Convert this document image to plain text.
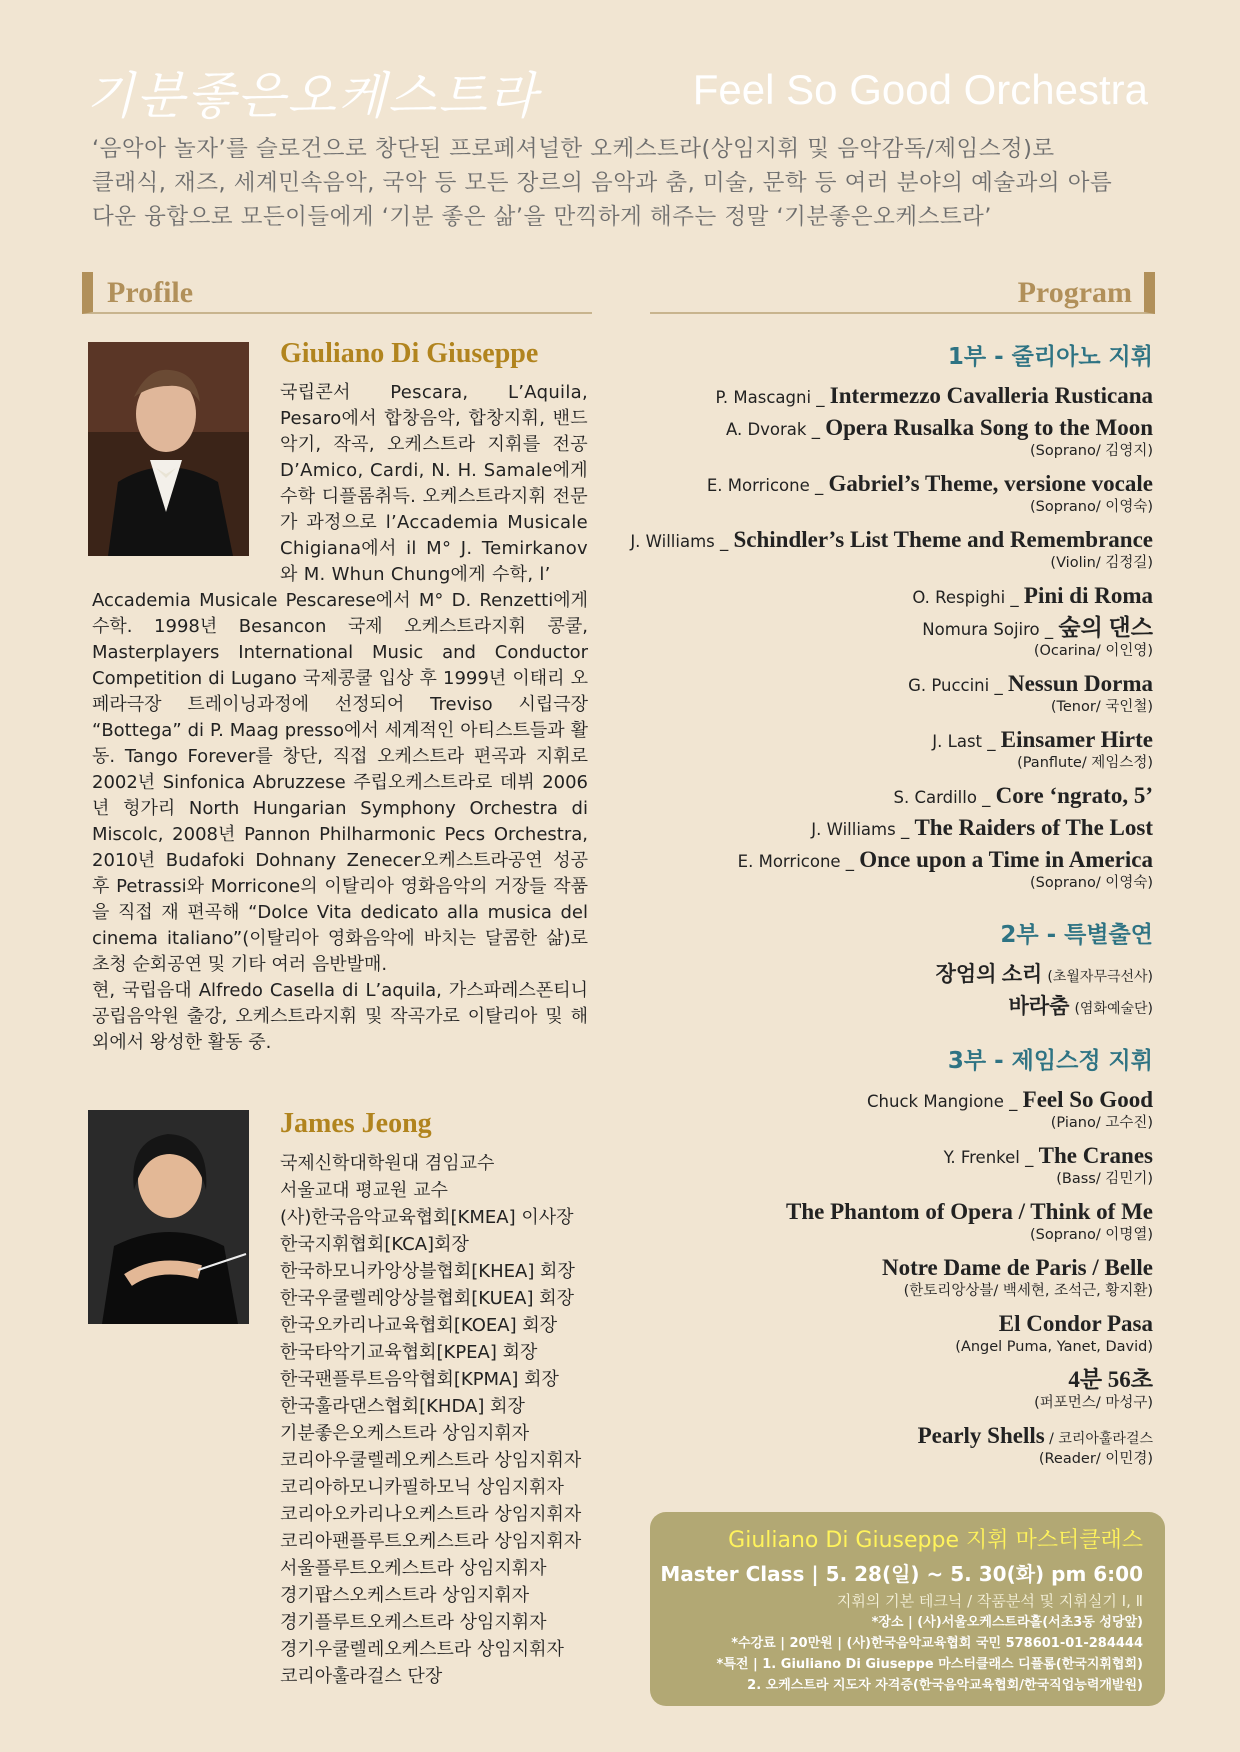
기분좋은오케스트라	Feel So Good Orchestra
‘음악아 놀자’를 슬로건으로 창단된 프로페셔널한 오케스트라(상임지휘 및 음악감독/제임스정)로
클래식, 재즈, 세계민속음악, 국악 등 모든 장르의 음악과 춤, 미술, 문학 등 여러 분야의 예술과의 아름
다운 융합으로 모든이들에게 ‘기분 좋은 삶’을 만끽하게 해주는 정말 ‘기분좋은오케스트라’
Profile	Program
Giuliano Di Giuseppe

국립콘서 Pescara, L’Aquila, Pesaro에서 합창음악, 합창지휘, 밴드악기, 작곡, 오케스트라 지휘를 전공 D’Amico, Cardi, N. H. Samale에게 수학 디플롬취득. 오케스트라지휘 전문가 과정으로 l’Accademia Musicale Chigiana에서 il M° J. Temirkanov와 M. Whun Chung에게 수학, l’

Accademia Musicale Pescarese에서 M° D. Renzetti에게 수학. 1998년 Besancon 국제 오케스트라지휘 콩쿨, Masterplayers International Music and Conductor Competition di Lugano 국제콩쿨 입상 후 1999년 이태리 오페라극장 트레이닝과정에 선정되어 Treviso 시립극장 “Bottega” di P. Maag presso에서 세계적인 아티스트들과 활동. Tango Forever를 창단, 직접 오케스트라 편곡과 지휘로 2002년 Sinfonica Abruzzese 주립오케스트라로 데뷔 2006년 헝가리 North Hungarian Symphony Orchestra di Miscolc, 2008년 Pannon Philharmonic Pecs Orchestra, 2010년 Budafoki Dohnany Zenecer오케스트라공연 성공 후 Petrassi와 Morricone의 이탈리아 영화음악의 거장들 작품을 직접 재 편곡해 “Dolce Vita dedicato alla musica del cinema italiano”(이탈리아 영화음악에 바치는 달콤한 삶)로 초청 순회공연 및 기타 여러 음반발매.

현, 국립음대 Alfredo Casella di L’aquila, 가스파레스폰티니 공립음악원 출강, 오케스트라지휘 및 작곡가로 이탈리아 및 해외에서 왕성한 활동 중.

James Jeong
국제신학대학원대 겸임교수
서울교대 평교원 교수
(사)한국음악교육협회[KMEA] 이사장
한국지휘협회[KCA]회장
한국하모니카앙상블협회[KHEA] 회장
한국우쿨렐레앙상블협회[KUEA] 회장
한국오카리나교육협회[KOEA] 회장
한국타악기교육협회[KPEA] 회장
한국팬플루트음악협회[KPMA] 회장
한국훌라댄스협회[KHDA] 회장
기분좋은오케스트라 상임지휘자
코리아우쿨렐레오케스트라 상임지휘자
코리아하모니카필하모닉 상임지휘자
코리아오카리나오케스트라 상임지휘자
코리아팬플루트오케스트라 상임지휘자
서울플루트오케스트라 상임지휘자
경기팝스오케스트라 상임지휘자
경기플루트오케스트라 상임지휘자
경기우쿨렐레오케스트라 상임지휘자
코리아훌라걸스 단장
1부 - 줄리아노 지휘
P. Mascagni _ Intermezzo Cavalleria Rusticana
A. Dvorak _ Opera Rusalka Song to the Moon
(Soprano/ 김영지)
E. Morricone _ Gabriel’s Theme, versione vocale
(Soprano/ 이영숙)
J. Williams _ Schindler’s List Theme and Remembrance
(Violin/ 김정길)
O. Respighi _ Pini di Roma
Nomura Sojiro _ 숲의 댄스
(Ocarina/ 이인영)
G. Puccini _ Nessun Dorma
(Tenor/ 국인철)
J. Last _ Einsamer Hirte
(Panflute/ 제임스정)
S. Cardillo _ Core ‘ngrato, 5’
J. Williams _ The Raiders of The Lost
E. Morricone _ Once upon a Time in America
(Soprano/ 이영숙)
2부 - 특별출연
장엄의 소리 (초월자무극선사)
바라춤 (염화예술단)
3부 - 제임스정 지휘
Chuck Mangione _ Feel So Good
(Piano/ 고수진)
Y. Frenkel _ The Cranes
(Bass/ 김민기)
The Phantom of Opera / Think of Me
(Soprano/ 이명열)
Notre Dame de Paris / Belle
(한토리앙상블/ 백세현, 조석근, 황지환)
El Condor Pasa
(Angel Puma, Yanet, David)
4분 56초
(퍼포먼스/ 마성구)
Pearly Shells / 코리아훌라걸스
(Reader/ 이민경)
Giuliano Di Giuseppe 지휘 마스터클래스
Master Class | 5. 28(일) ~ 5. 30(화) pm 6:00
지휘의 기본 테크닉 / 작품분석 및 지휘실기 Ⅰ, Ⅱ
*장소 | (사)서울오케스트라홀(서초3동 성당앞)
*수강료 | 20만원 | (사)한국음악교육협회 국민 578601-01-284444
*특전 | 1. Giuliano Di Giuseppe 마스터클래스 디플롬(한국지휘협회)
2. 오케스트라 지도자 자격증(한국음악교육협회/한국직업능력개발원)
